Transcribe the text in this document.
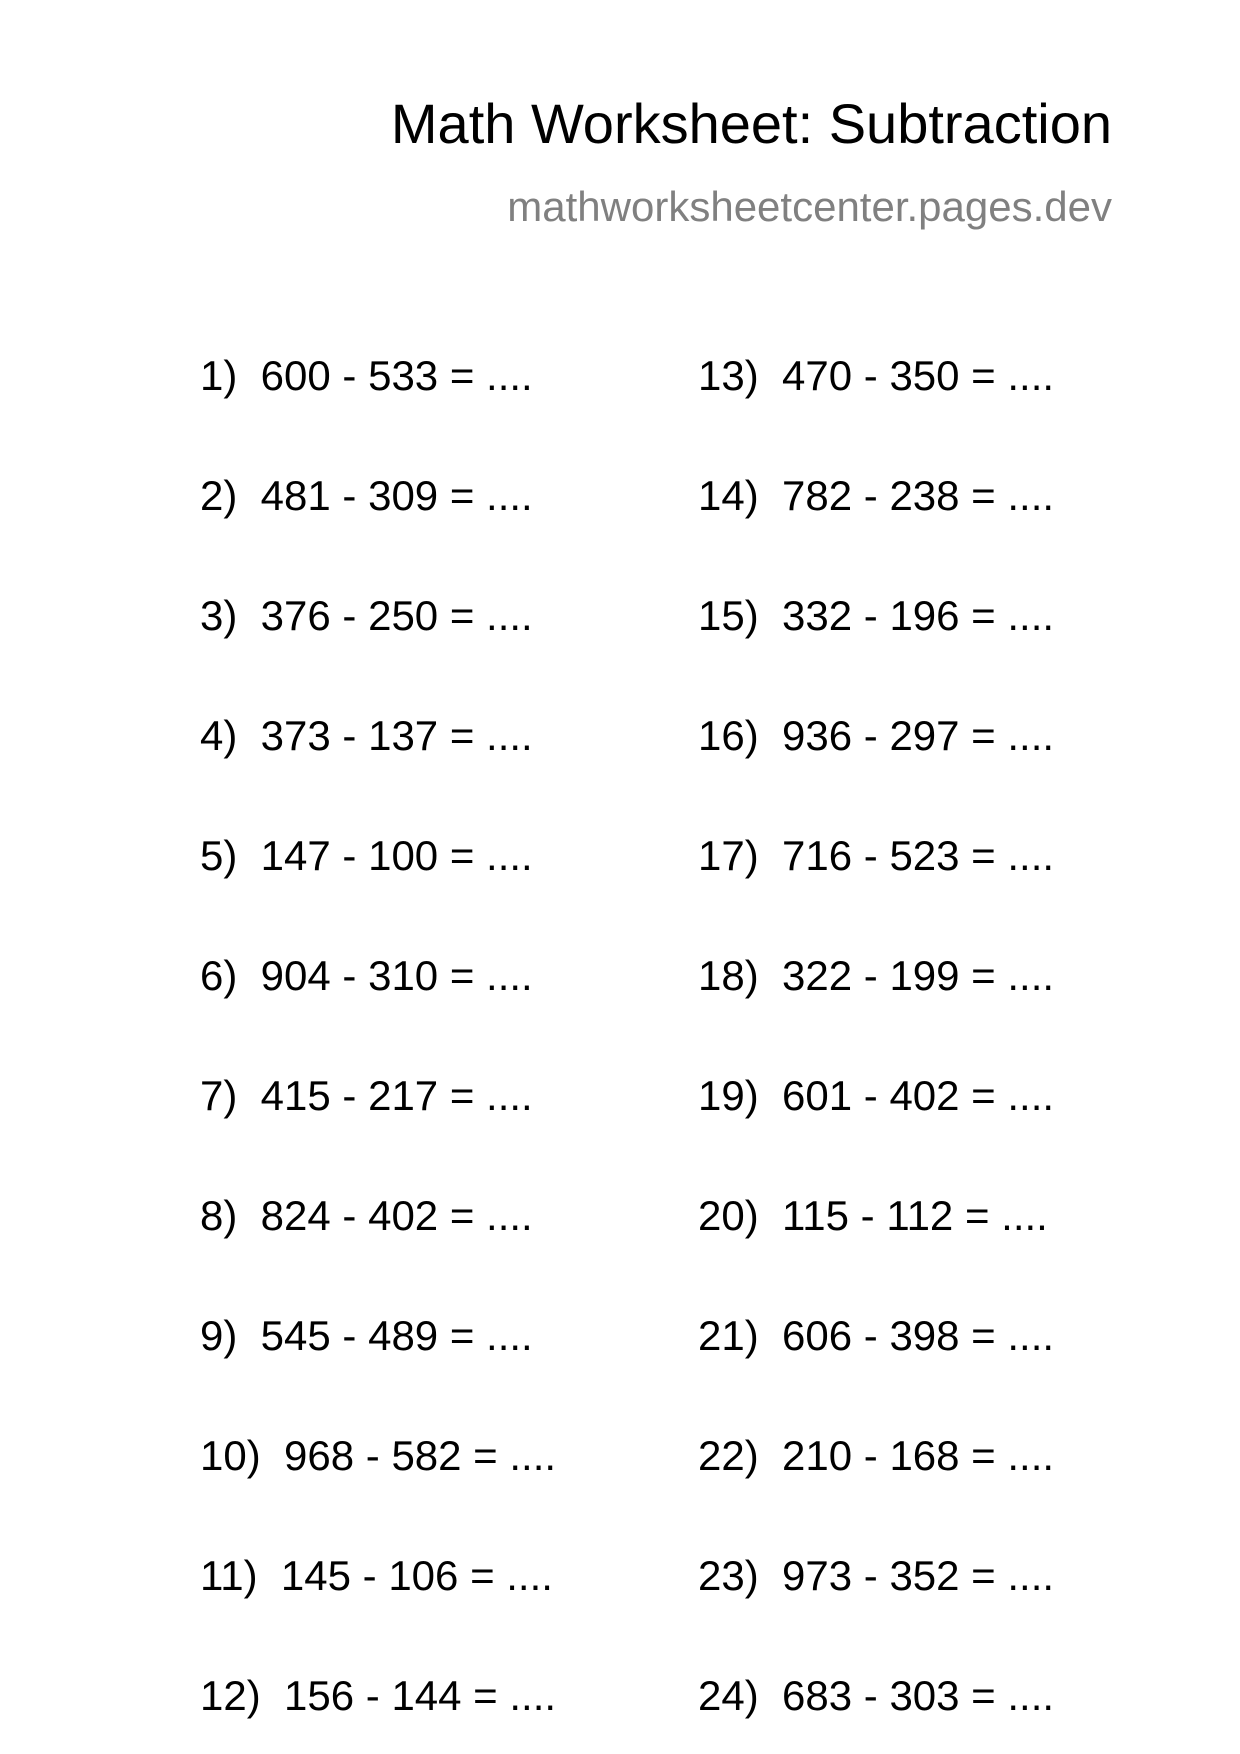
Math Worksheet: Subtraction
mathworksheetcenter.pages.dev
1)  600 - 533 = ....
2)  481 - 309 = ....
3)  376 - 250 = ....
4)  373 - 137 = ....
5)  147 - 100 = ....
6)  904 - 310 = ....
7)  415 - 217 = ....
8)  824 - 402 = ....
9)  545 - 489 = ....
10)  968 - 582 = ....
11)  145 - 106 = ....
12)  156 - 144 = ....
13)  470 - 350 = ....
14)  782 - 238 = ....
15)  332 - 196 = ....
16)  936 - 297 = ....
17)  716 - 523 = ....
18)  322 - 199 = ....
19)  601 - 402 = ....
20)  115 - 112 = ....
21)  606 - 398 = ....
22)  210 - 168 = ....
23)  973 - 352 = ....
24)  683 - 303 = ....
